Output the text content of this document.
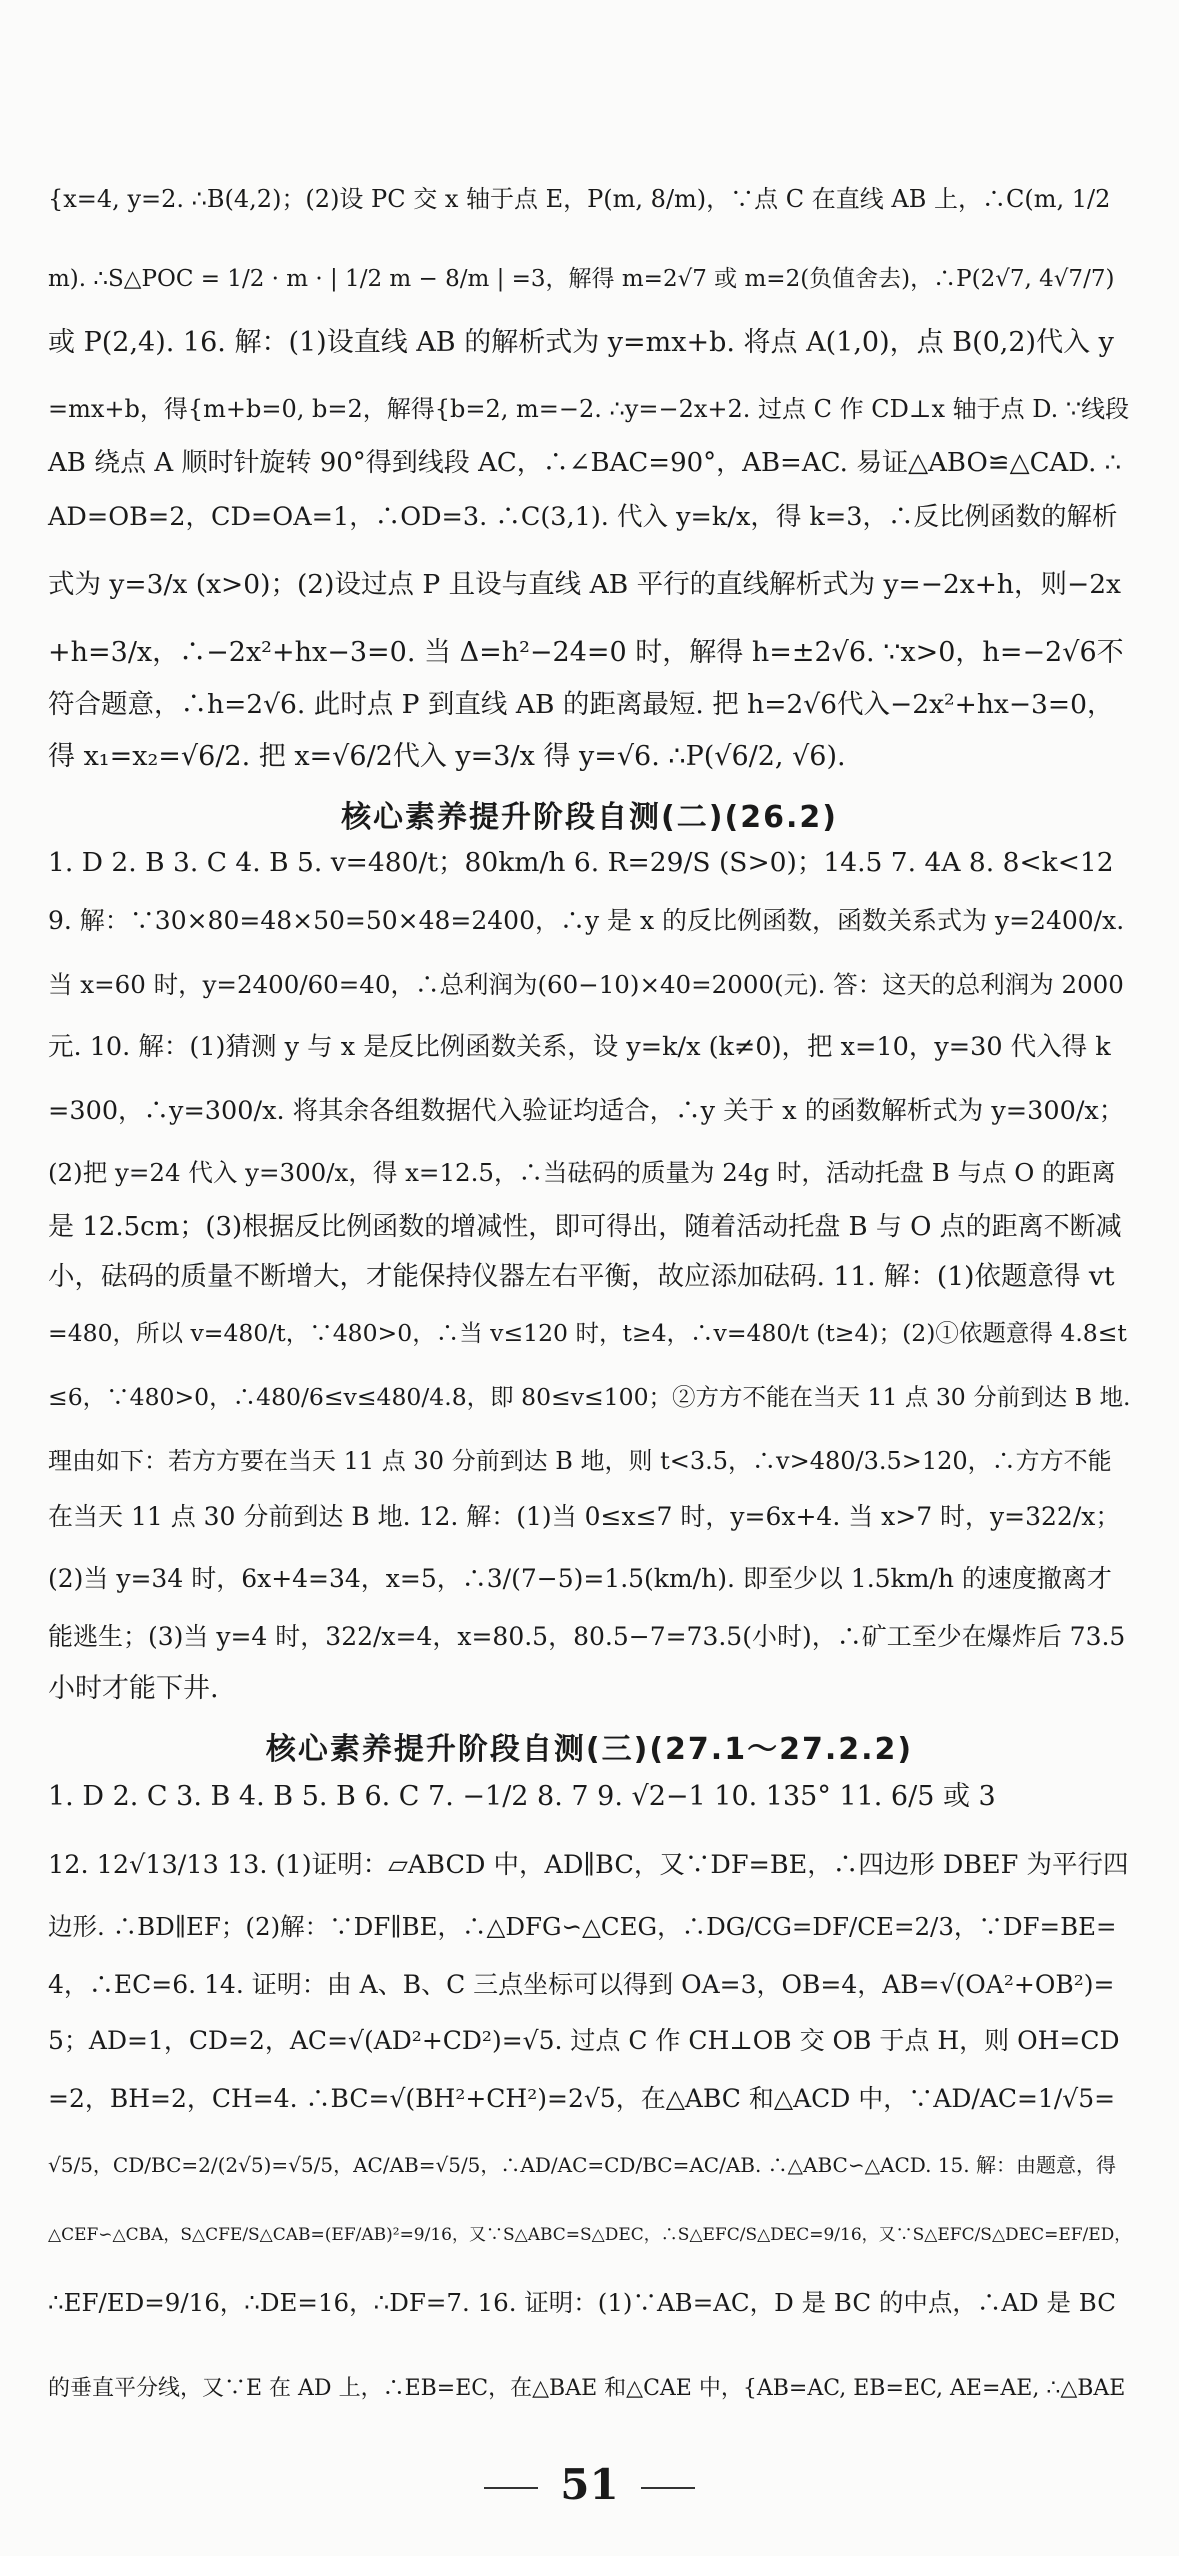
{x=4, y=2. ∴B(4,2)；(2)设 PC 交 x 轴于点 E，P(m, 8/m)，∵点 C 在直线 AB 上，∴C(m, 1/2
m). ∴S△POC = 1/2 · m · | 1/2 m − 8/m | =3，解得 m=2√7 或 m=2(负值舍去)，∴P(2√7, 4√7/7)
或 P(2,4). 16. 解：(1)设直线 AB 的解析式为 y=mx+b. 将点 A(1,0)，点 B(0,2)代入 y
=mx+b，得{m+b=0, b=2，解得{b=2, m=−2. ∴y=−2x+2. 过点 C 作 CD⊥x 轴于点 D. ∵线段
AB 绕点 A 顺时针旋转 90°得到线段 AC，∴∠BAC=90°，AB=AC. 易证△ABO≌△CAD. ∴
AD=OB=2，CD=OA=1，∴OD=3. ∴C(3,1). 代入 y=k/x，得 k=3，∴反比例函数的解析
式为 y=3/x (x>0)；(2)设过点 P 且设与直线 AB 平行的直线解析式为 y=−2x+h，则−2x
+h=3/x，∴−2x²+hx−3=0. 当 Δ=h²−24=0 时，解得 h=±2√6. ∵x>0，h=−2√6不
符合题意，∴h=2√6. 此时点 P 到直线 AB 的距离最短. 把 h=2√6代入−2x²+hx−3=0，
得 x₁=x₂=√6/2. 把 x=√6/2代入 y=3/x 得 y=√6. ∴P(√6/2, √6).
核心素养提升阶段自测(二)(26.2)
1. D 2. B 3. C 4. B 5. v=480/t；80km/h 6. R=29/S (S>0)；14.5 7. 4A 8. 8<k<12
9. 解：∵30×80=48×50=50×48=2400，∴y 是 x 的反比例函数，函数关系式为 y=2400/x.
当 x=60 时，y=2400/60=40，∴总利润为(60−10)×40=2000(元). 答：这天的总利润为 2000
元. 10. 解：(1)猜测 y 与 x 是反比例函数关系，设 y=k/x (k≠0)，把 x=10，y=30 代入得 k
=300，∴y=300/x. 将其余各组数据代入验证均适合，∴y 关于 x 的函数解析式为 y=300/x；
(2)把 y=24 代入 y=300/x，得 x=12.5，∴当砝码的质量为 24g 时，活动托盘 B 与点 O 的距离
是 12.5cm；(3)根据反比例函数的增减性，即可得出，随着活动托盘 B 与 O 点的距离不断减
小，砝码的质量不断增大，才能保持仪器左右平衡，故应添加砝码. 11. 解：(1)依题意得 vt
=480，所以 v=480/t，∵480>0，∴当 v≤120 时，t≥4，∴v=480/t (t≥4)；(2)①依题意得 4.8≤t
≤6，∵480>0，∴480/6≤v≤480/4.8，即 80≤v≤100；②方方不能在当天 11 点 30 分前到达 B 地.
理由如下：若方方要在当天 11 点 30 分前到达 B 地，则 t<3.5，∴v>480/3.5>120，∴方方不能
在当天 11 点 30 分前到达 B 地. 12. 解：(1)当 0≤x≤7 时，y=6x+4. 当 x>7 时，y=322/x；
(2)当 y=34 时，6x+4=34，x=5，∴3/(7−5)=1.5(km/h). 即至少以 1.5km/h 的速度撤离才
能逃生；(3)当 y=4 时，322/x=4，x=80.5，80.5−7=73.5(小时)，∴矿工至少在爆炸后 73.5
小时才能下井.
核心素养提升阶段自测(三)(27.1～27.2.2)
1. D 2. C 3. B 4. B 5. B 6. C 7. −1/2 8. 7 9. √2−1 10. 135° 11. 6/5 或 3
12. 12√13/13 13. (1)证明：▱ABCD 中，AD∥BC，又∵DF=BE，∴四边形 DBEF 为平行四
边形. ∴BD∥EF；(2)解：∵DF∥BE，∴△DFG∽△CEG，∴DG/CG=DF/CE=2/3，∵DF=BE=
4，∴EC=6. 14. 证明：由 A、B、C 三点坐标可以得到 OA=3，OB=4，AB=√(OA²+OB²)=
5；AD=1，CD=2，AC=√(AD²+CD²)=√5. 过点 C 作 CH⊥OB 交 OB 于点 H，则 OH=CD
=2，BH=2，CH=4. ∴BC=√(BH²+CH²)=2√5，在△ABC 和△ACD 中，∵AD/AC=1/√5=
√5/5，CD/BC=2/(2√5)=√5/5，AC/AB=√5/5，∴AD/AC=CD/BC=AC/AB. ∴△ABC∽△ACD. 15. 解：由题意，得
△CEF∽△CBA，S△CFE/S△CAB=(EF/AB)²=9/16，又∵S△ABC=S△DEC，∴S△EFC/S△DEC=9/16，又∵S△EFC/S△DEC=EF/ED，
∴EF/ED=9/16，∴DE=16，∴DF=7. 16. 证明：(1)∵AB=AC，D 是 BC 的中点，∴AD 是 BC
的垂直平分线，又∵E 在 AD 上，∴EB=EC，在△BAE 和△CAE 中，{AB=AC, EB=EC, AE=AE, ∴△BAE
51
